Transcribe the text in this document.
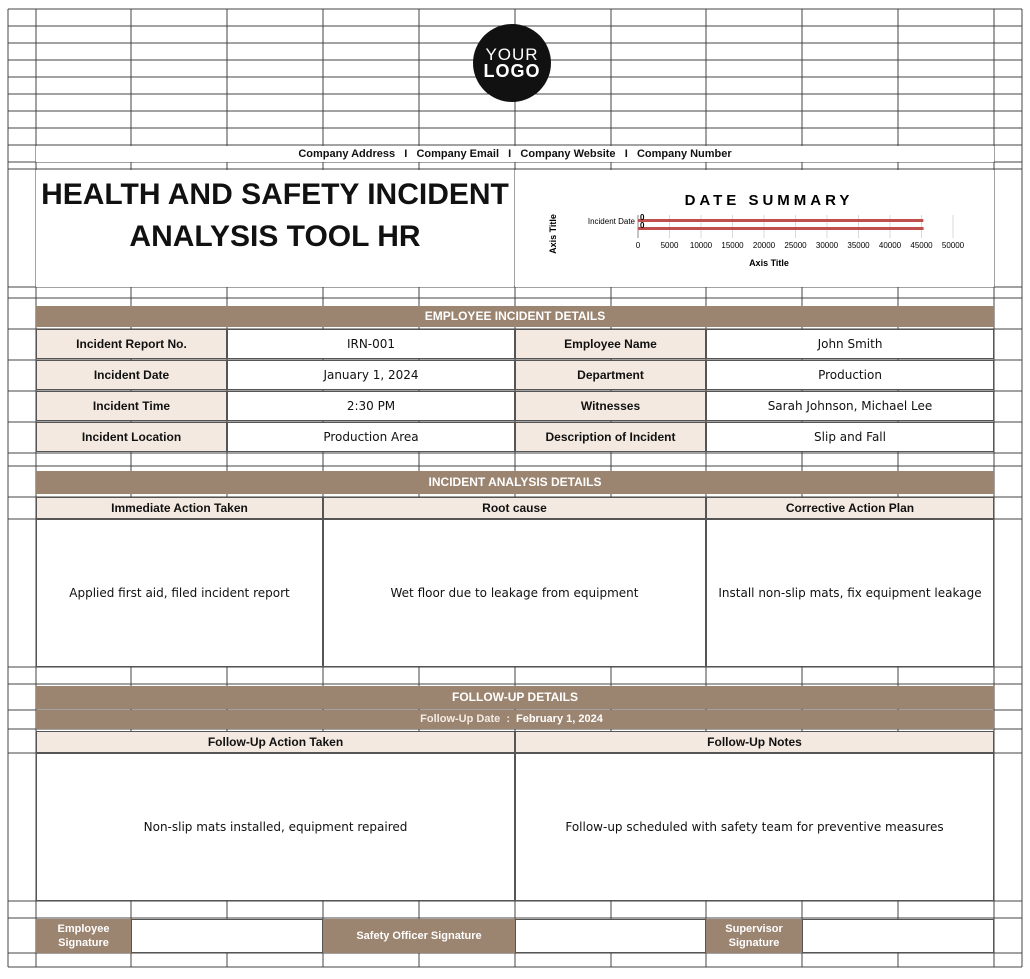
YOUR
LOGO
Company Address   I   Company Email   I   Company Website   I   Company Number
HEALTH AND SAFETY INCIDENT ANALYSIS TOOL HR
DATE SUMMARY
Axis Title
Axis Title
0	5000 10000 15000 20000 25000 30000 35000 40000 45000 50000
Incident Date 0
0
EMPLOYEE INCIDENT DETAILS
Incident Report No.	IRN-001	Employee Name	John Smith
Incident Date	January 1, 2024	Department	Production
Incident Time	2:30 PM	Witnesses	Sarah Johnson, Michael Lee
Incident Location	Production Area	Description of Incident	Slip and Fall
INCIDENT ANALYSIS DETAILS
Immediate Action Taken	Root cause	Corrective Action Plan
Applied first aid, filed incident report	Wet floor due to leakage from equipment	Install non-slip mats, fix equipment leakage
FOLLOW-UP DETAILS
Follow-Up Date  : February 1, 2024
Follow-Up Action Taken	Follow-Up Notes
Non-slip mats installed, equipment repaired	Follow-up scheduled with safety team for preventive measures
Employee Signature
Safety Officer Signature
Supervisor Signature
